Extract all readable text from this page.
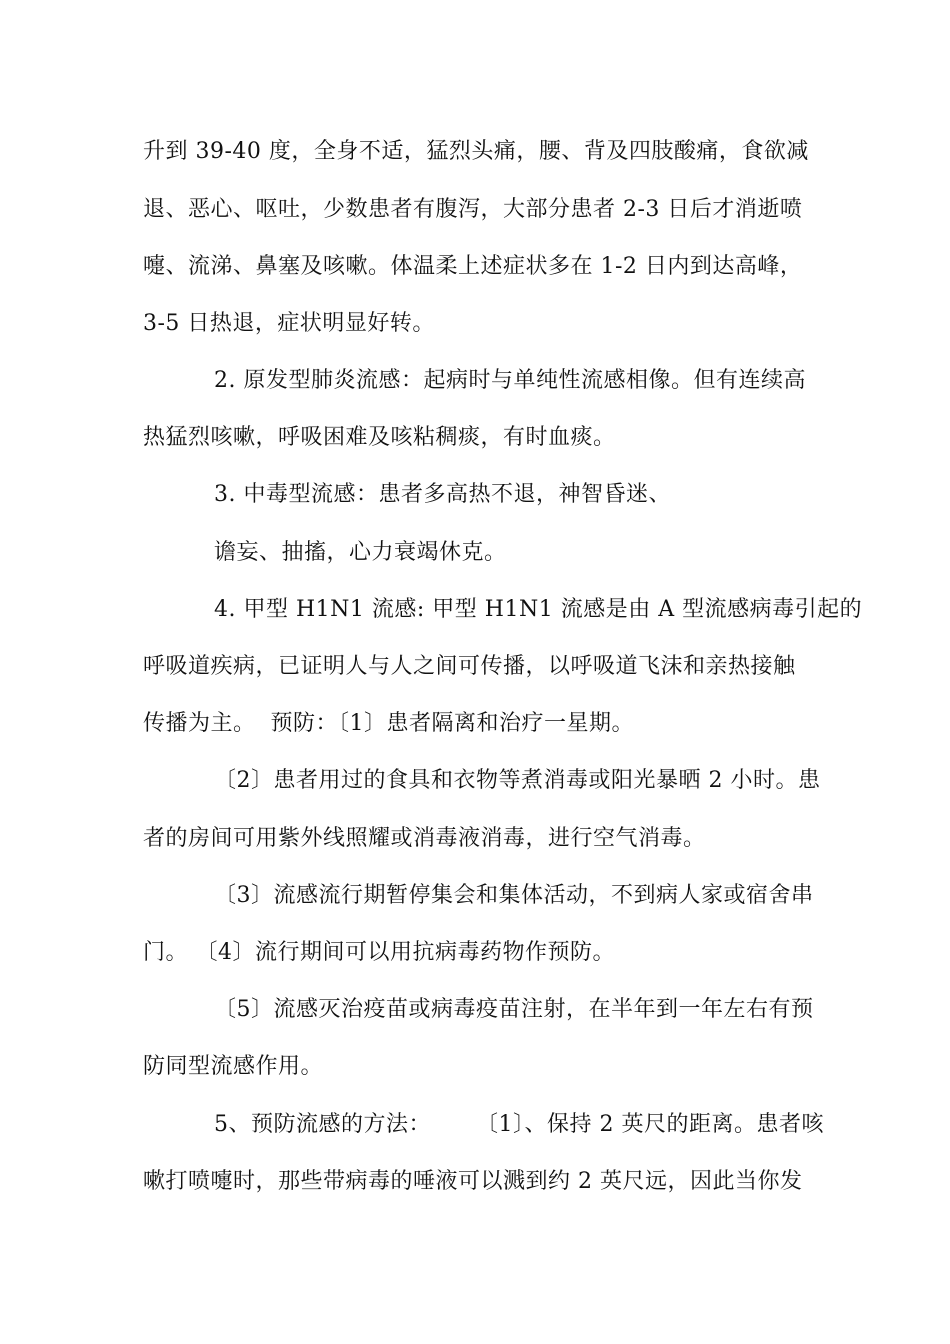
升到 39-40 度，全身不适，猛烈头痛，腰、背及四肢酸痛，食欲减
退、恶心、呕吐，少数患者有腹泻，大部分患者 2-3 日后才消逝喷
嚏、流涕、鼻塞及咳嗽。体温柔上述症状多在 1-2 日内到达高峰，
3-5 日热退，症状明显好转。
2. 原发型肺炎流感：起病时与单纯性流感相像。但有连续高
热猛烈咳嗽，呼吸困难及咳粘稠痰，有时血痰。
3. 中毒型流感：患者多高热不退，神智昏迷、
谵妄、抽搐，心力衰竭休克。
4. 甲型 H1N1 流感: 甲型 H1N1 流感是由 A 型流感病毒引起的
呼吸道疾病，已证明人与人之间可传播，以呼吸道飞沫和亲热接触
传播为主。  预防：〔1〕患者隔离和治疗一星期。
〔2〕患者用过的食具和衣物等煮消毒或阳光暴晒 2 小时。患
者的房间可用紫外线照耀或消毒液消毒，进行空气消毒。
〔3〕流感流行期暂停集会和集体活动，不到病人家或宿舍串
门。 〔4〕流行期间可以用抗病毒药物作预防。
〔5〕流感灭治疫苗或病毒疫苗注射，在半年到一年左右有预
防同型流感作用。
5、预防流感的方法：      〔1〕、保持 2 英尺的距离。患者咳
嗽打喷嚏时，那些带病毒的唾液可以溅到约 2 英尺远，因此当你发
